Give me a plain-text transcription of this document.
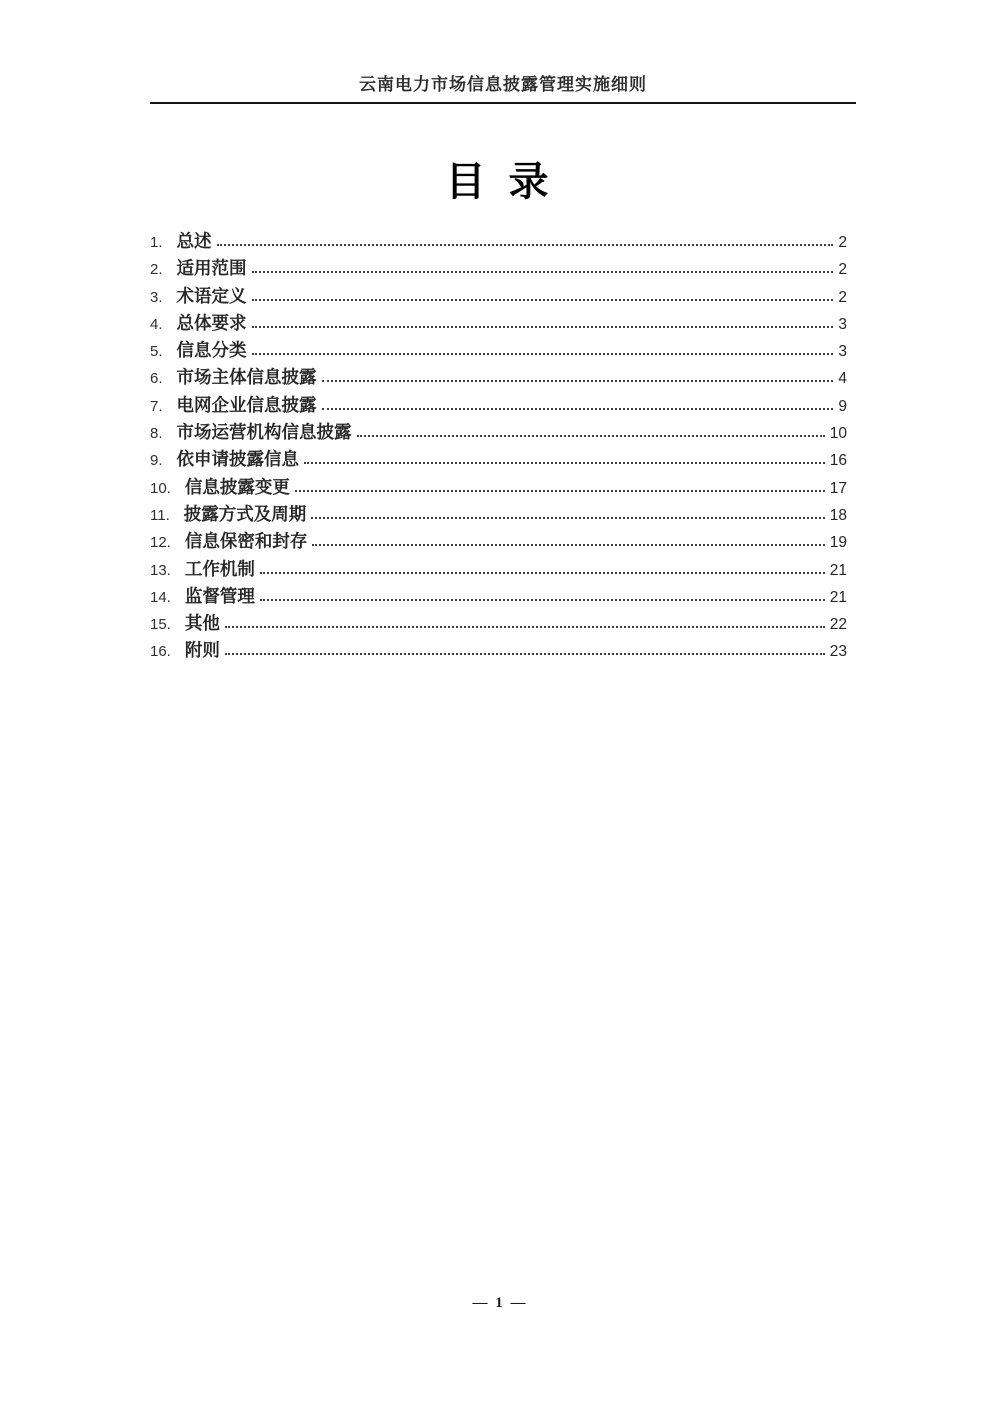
云南电力市场信息披露管理实施细则
目 录
1. 总述	2
2. 适用范围	2
3. 术语定义	2
4. 总体要求	3
5. 信息分类	3
6. 市场主体信息披露	4
7. 电网企业信息披露	9
8. 市场运营机构信息披露	10
9. 依申请披露信息	16
10. 信息披露变更	17
11. 披露方式及周期	18
12. 信息保密和封存	19
13. 工作机制	21
14. 监督管理	21
15. 其他	22
16. 附则	23
— 1 —
